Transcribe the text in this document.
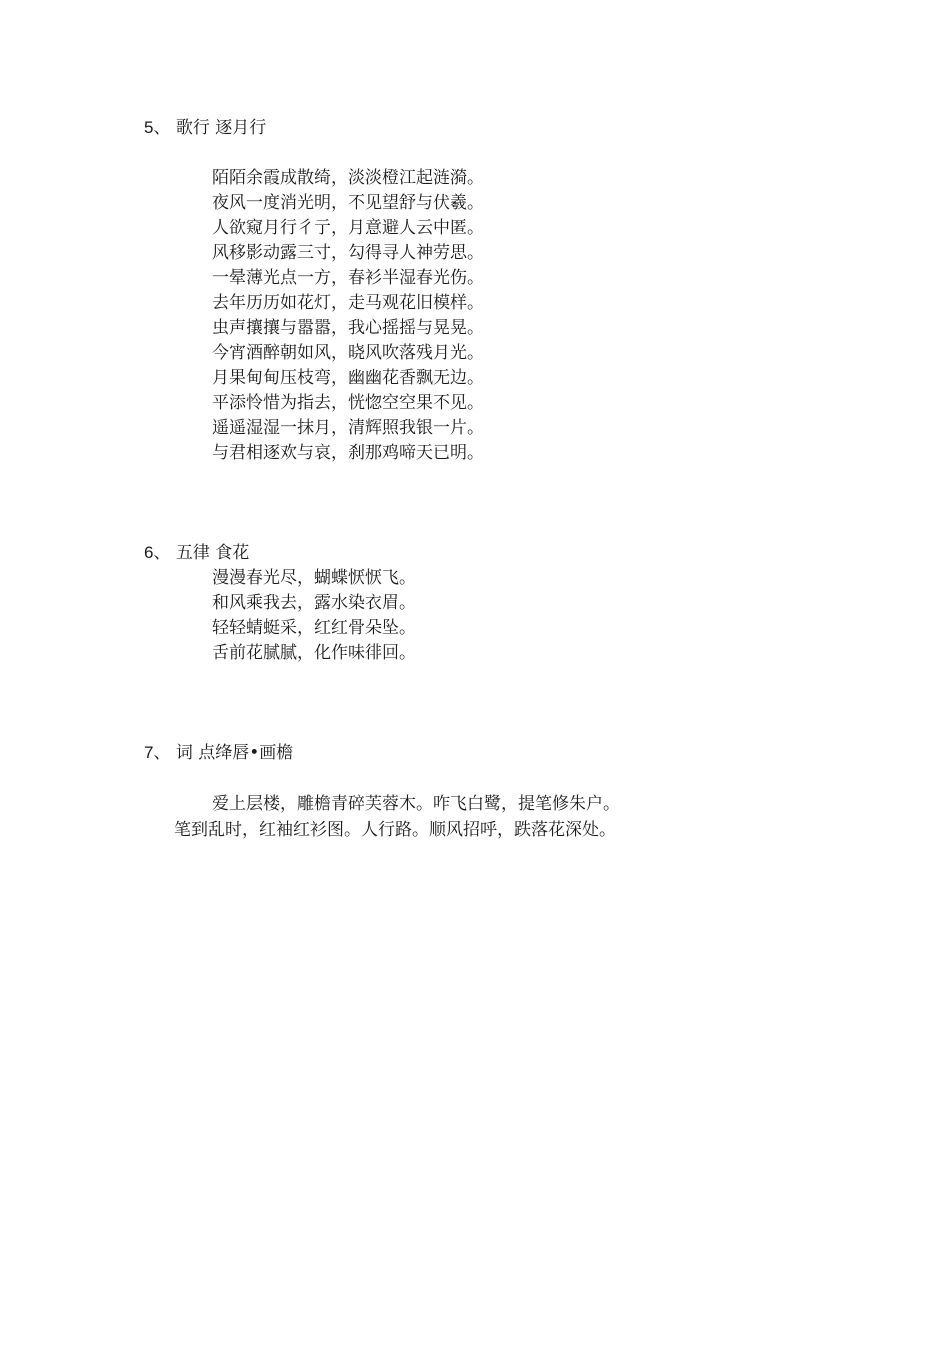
5、 歌行 逐月行
陌陌余霞成散绮，淡淡橙江起涟漪。
夜风一度消光明，不见望舒与伏羲。
人欲窥月行彳亍，月意避人云中匿。
风移影动露三寸，勾得寻人神劳思。
一晕薄光点一方，春衫半湿春光伤。
去年历历如花灯，走马观花旧模样。
虫声攘攘与嚣嚣，我心摇摇与晃晃。
今宵酒醉朝如风，晓风吹落残月光。
月果甸甸压枝弯，幽幽花香飘无边。
平添怜惜为指去，恍惚空空果不见。
遥遥湿湿一抹月，清辉照我银一片。
与君相逐欢与哀，刹那鸡啼天已明。
6、 五律 食花
漫漫春光尽，蝴蝶恹恹飞。
和风乘我去，露水染衣眉。
轻轻蜻蜓采，红红骨朵坠。
舌前花腻腻，化作味徘回。
7、 词 点绛唇•画檐
爱上层楼，雕檐青碎芙蓉木。咋飞白鹭，提笔修朱户。
笔到乱时，红袖红衫图。人行路。顺风招呼，跌落花深处。
